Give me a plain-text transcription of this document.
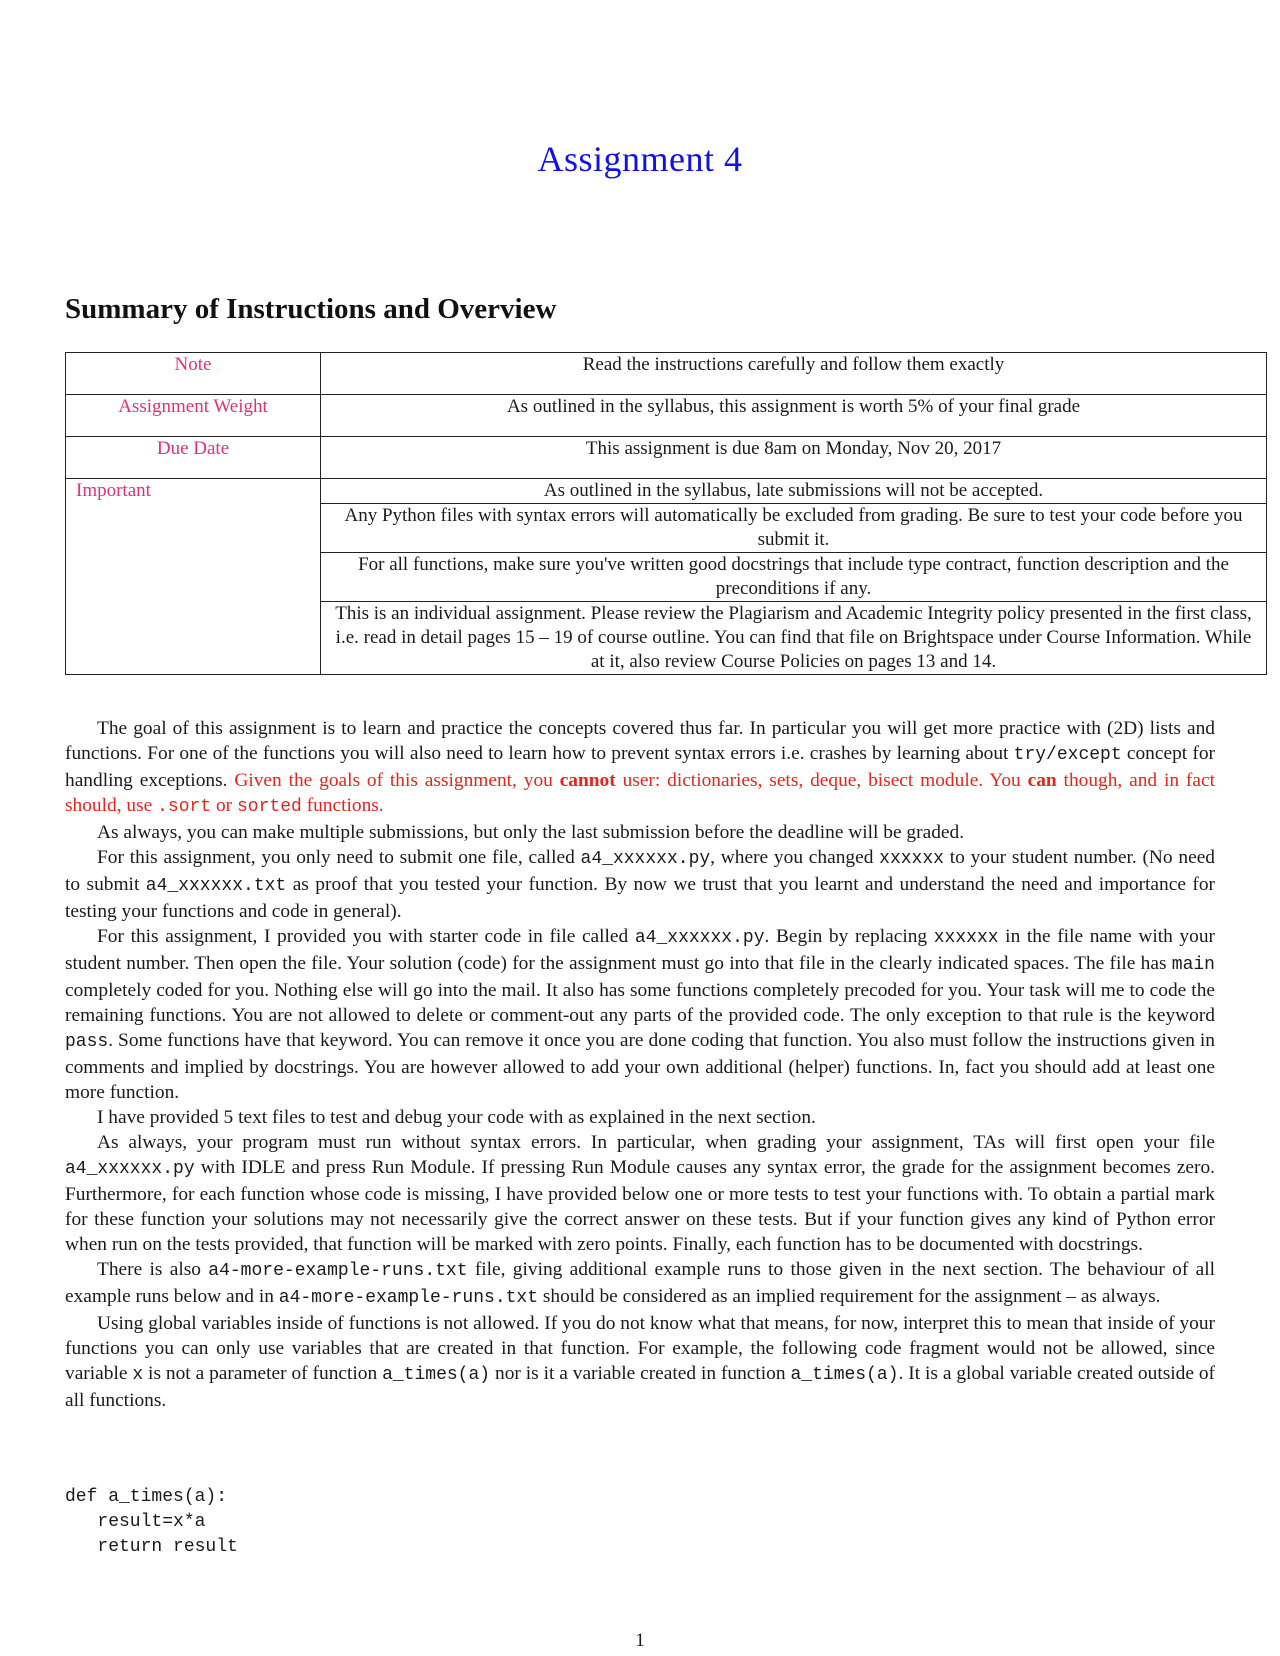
Assignment 4
Summary of Instructions and Overview
Note	Read the instructions carefully and follow them exactly
Assignment Weight	As outlined in the syllabus, this assignment is worth 5% of your final grade
Due Date	This assignment is due 8am on Monday, Nov 20, 2017
Important	As outlined in the syllabus, late submissions will not be accepted.
	Any Python files with syntax errors will automatically be excluded from grading. Be sure to test your code before you submit it.
	For all functions, make sure you've written good docstrings that include type contract, function description and the preconditions if any.
	This is an individual assignment. Please review the Plagiarism and Academic Integrity policy presented in the first class, i.e. read in detail pages 15 – 19 of course outline. You can find that file on Brightspace under Course Information. While at it, also review Course Policies on pages 13 and 14.

The goal of this assignment is to learn and practice the concepts covered thus far. In particular you will get more practice with (2D) lists and functions. For one of the functions you will also need to learn how to prevent syntax errors i.e. crashes by learning about try/except concept for handling exceptions. Given the goals of this assignment, you cannot user: dictionaries, sets, deque, bisect module. You can though, and in fact should, use .sort or sorted functions.

As always, you can make multiple submissions, but only the last submission before the deadline will be graded.

For this assignment, you only need to submit one file, called a4_xxxxxx.py, where you changed xxxxxx to your student number. (No need to submit a4_xxxxxx.txt as proof that you tested your function. By now we trust that you learnt and understand the need and importance for testing your functions and code in general).

For this assignment, I provided you with starter code in file called a4_xxxxxx.py. Begin by replacing xxxxxx in the file name with your student number. Then open the file. Your solution (code) for the assignment must go into that file in the clearly indicated spaces. The file has main completely coded for you. Nothing else will go into the mail. It also has some functions completely precoded for you. Your task will me to code the remaining functions. You are not allowed to delete or comment-out any parts of the provided code. The only exception to that rule is the keyword pass. Some functions have that keyword. You can remove it once you are done coding that function. You also must follow the instructions given in comments and implied by docstrings. You are however allowed to add your own additional (helper) functions. In, fact you should add at least one more function.

I have provided 5 text files to test and debug your code with as explained in the next section.

As always, your program must run without syntax errors. In particular, when grading your assignment, TAs will first open your file a4_xxxxxx.py with IDLE and press Run Module. If pressing Run Module causes any syntax error, the grade for the assignment becomes zero. Furthermore, for each function whose code is missing, I have provided below one or more tests to test your functions with. To obtain a partial mark for these function your solutions may not necessarily give the correct answer on these tests. But if your function gives any kind of Python error when run on the tests provided, that function will be marked with zero points. Finally, each function has to be documented with docstrings.

There is also a4-more-example-runs.txt file, giving additional example runs to those given in the next section. The behaviour of all example runs below and in a4-more-example-runs.txt should be considered as an implied requirement for the assignment – as always.

Using global variables inside of functions is not allowed. If you do not know what that means, for now, interpret this to mean that inside of your functions you can only use variables that are created in that function. For example, the following code fragment would not be allowed, since variable x is not a parameter of function a_times(a) nor is it a variable created in function a_times(a). It is a global variable created outside of all functions.

def a_times(a):
result=x*a
return result
1
